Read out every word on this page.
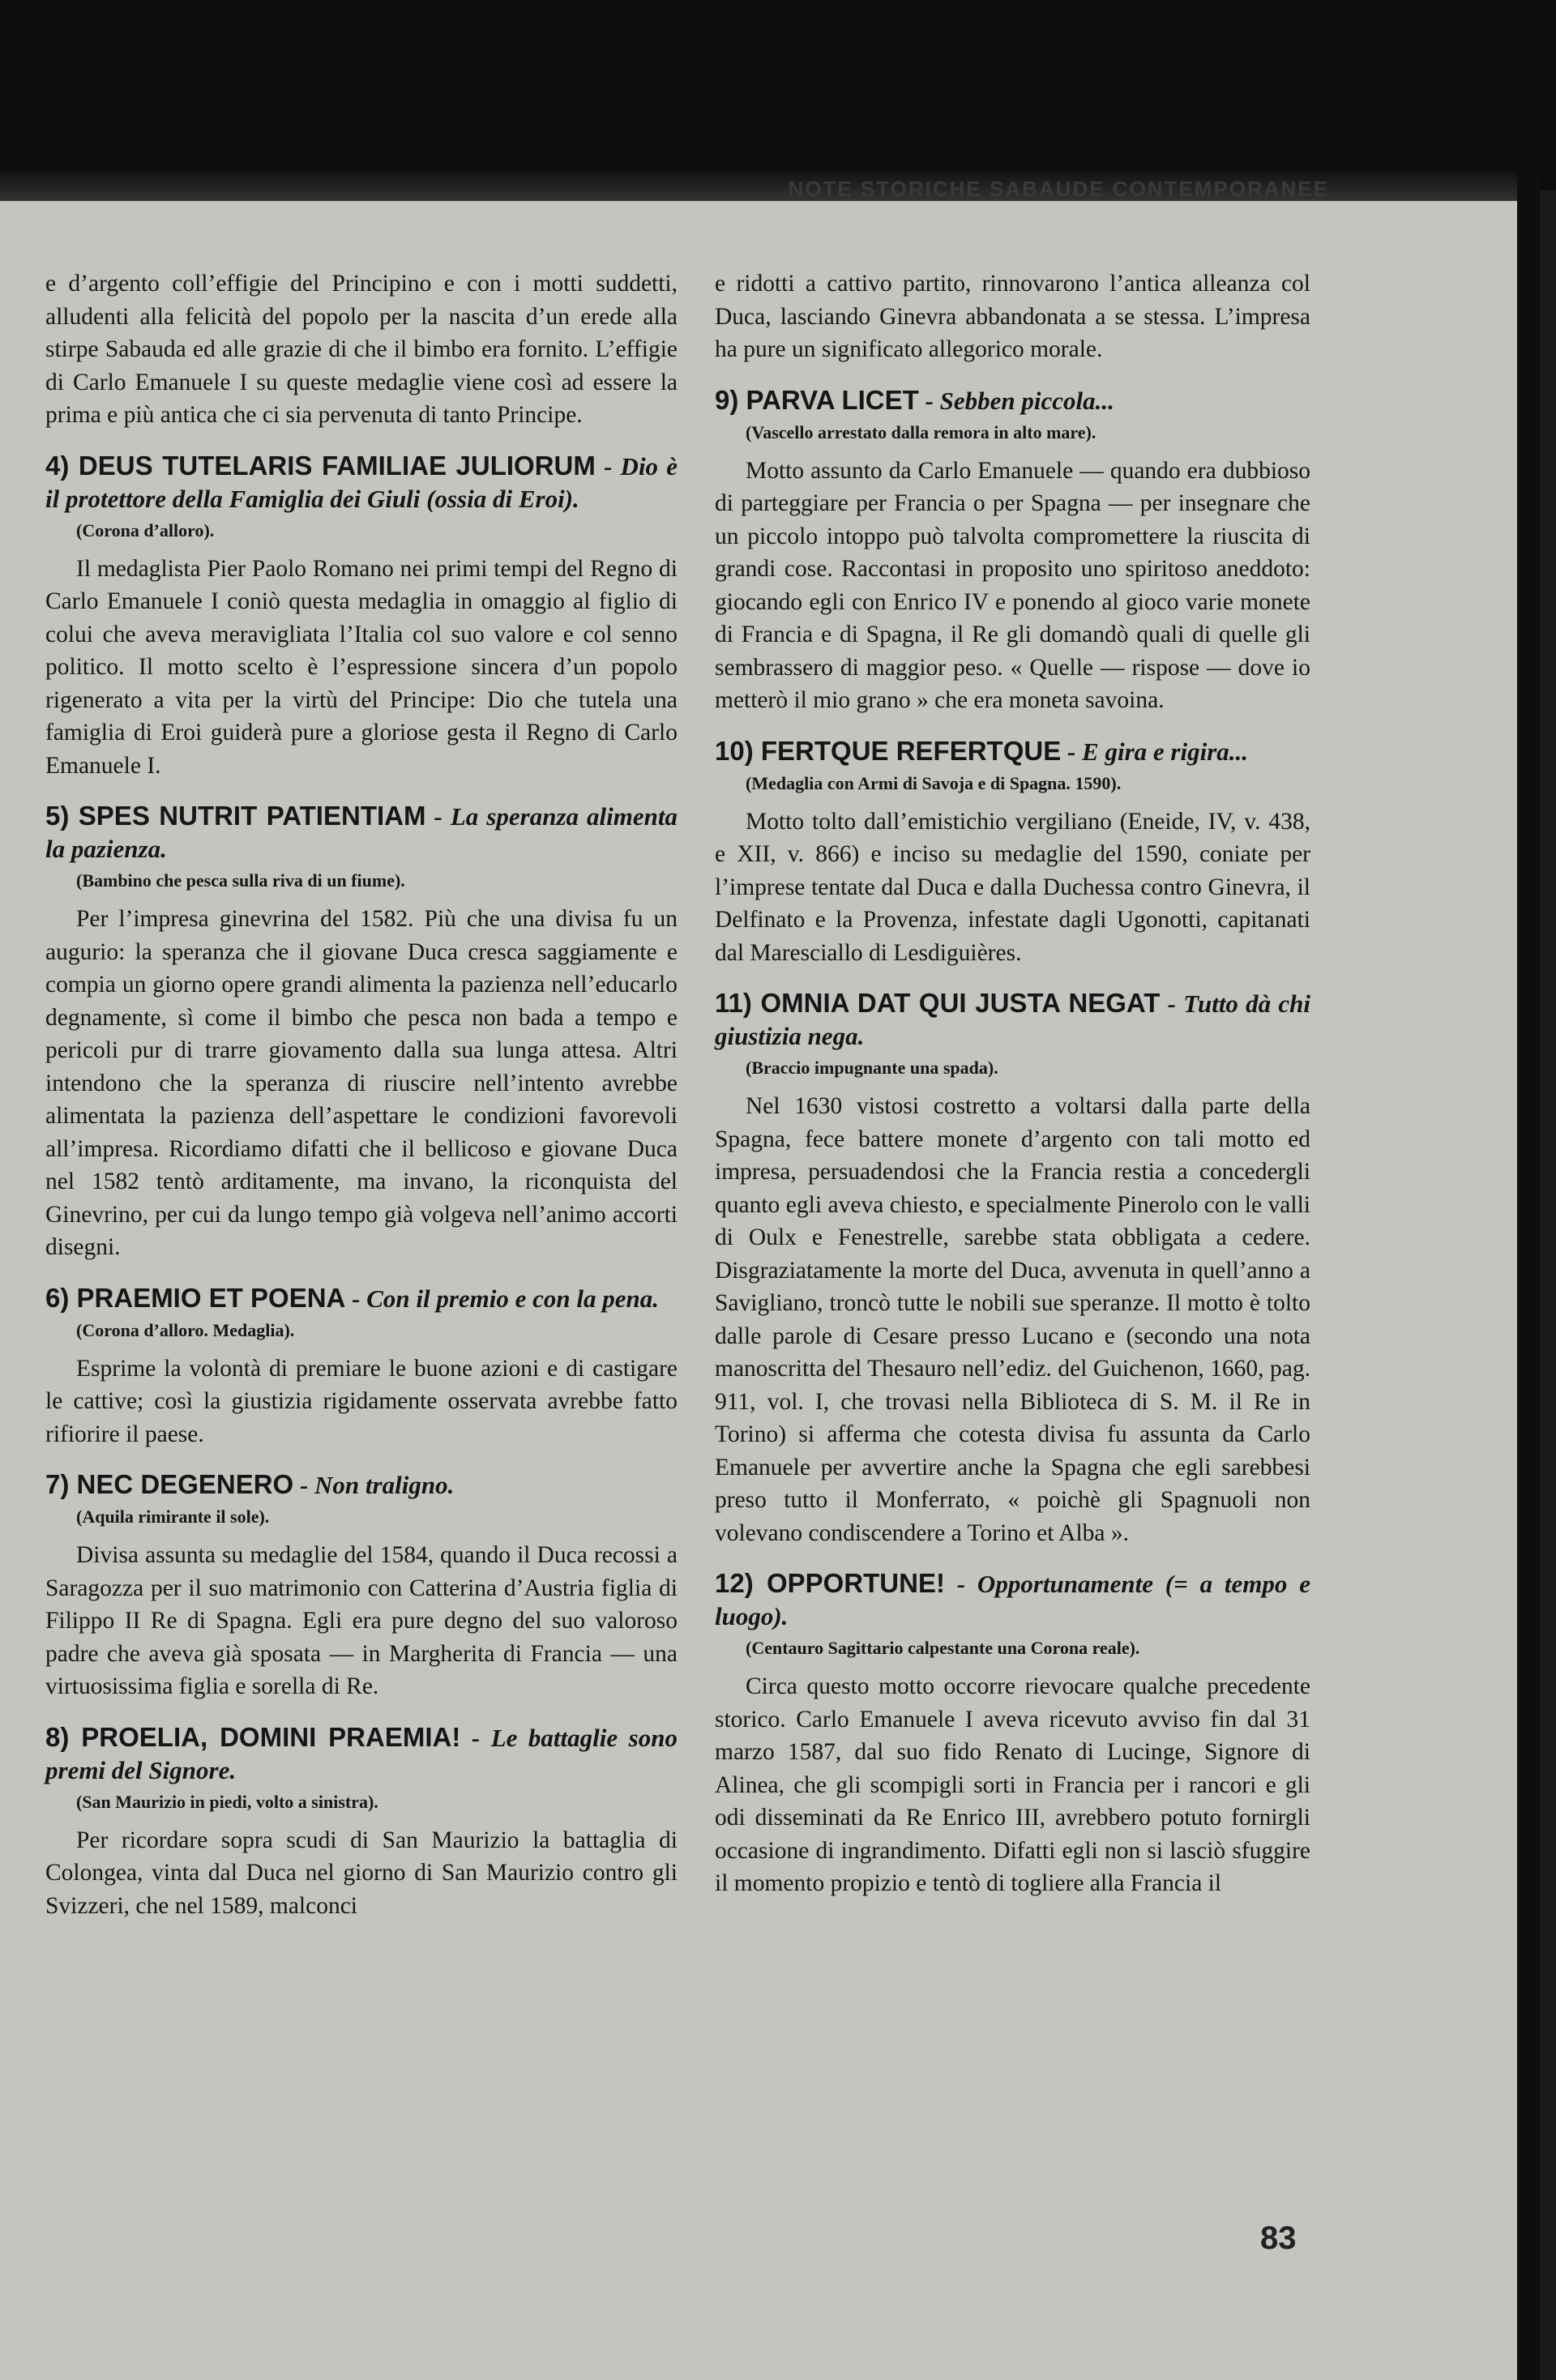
NOTE STORICHE SABAUDE CONTEMPORANEE

e d’argento coll’effigie del Principino e con i motti suddetti, alludenti alla felicità del popolo per la nascita d’un erede alla stirpe Sabauda ed alle grazie di che il bimbo era fornito. L’effigie di Carlo Emanuele I su queste medaglie viene così ad essere la prima e più antica che ci sia pervenuta di tanto Principe.

4) DEUS TUTELARIS FAMILIAE JULIORUM - Dio è il protettore della Famiglia dei Giuli (ossia di Eroi).
(Corona d’alloro).

Il medaglista Pier Paolo Romano nei primi tempi del Regno di Carlo Emanuele I coniò questa medaglia in omaggio al figlio di colui che aveva meravigliata l’Italia col suo valore e col senno politico. Il motto scelto è l’espressione sincera d’un popolo rigenerato a vita per la virtù del Principe: Dio che tutela una famiglia di Eroi guiderà pure a gloriose gesta il Regno di Carlo Emanuele I.

5) SPES NUTRIT PATIENTIAM - La speranza alimenta la pazienza.
(Bambino che pesca sulla riva di un fiume).

Per l’impresa ginevrina del 1582. Più che una divisa fu un augurio: la speranza che il giovane Duca cresca saggiamente e compia un giorno opere grandi alimenta la pazienza nell’educarlo degnamente, sì come il bimbo che pesca non bada a tempo e pericoli pur di trarre giovamento dalla sua lunga attesa. Altri intendono che la speranza di riuscire nell’intento avrebbe alimentata la pazienza dell’aspettare le condizioni favorevoli all’impresa. Ricordiamo difatti che il bellicoso e giovane Duca nel 1582 tentò arditamente, ma invano, la riconquista del Ginevrino, per cui da lungo tempo già volgeva nell’animo accorti disegni.

6) PRAEMIO ET POENA - Con il premio e con la pena.
(Corona d’alloro. Medaglia).

Esprime la volontà di premiare le buone azioni e di castigare le cattive; così la giustizia rigidamente osservata avrebbe fatto rifiorire il paese.

7) NEC DEGENERO - Non traligno.
(Aquila rimirante il sole).

Divisa assunta su medaglie del 1584, quando il Duca recossi a Saragozza per il suo matrimonio con Catterina d’Austria figlia di Filippo II Re di Spagna. Egli era pure degno del suo valoroso padre che aveva già sposata — in Margherita di Francia — una virtuosissima figlia e sorella di Re.

8) PROELIA, DOMINI PRAEMIA! - Le battaglie sono premi del Signore.
(San Maurizio in piedi, volto a sinistra).

Per ricordare sopra scudi di San Maurizio la battaglia di Colongea, vinta dal Duca nel giorno di San Maurizio contro gli Svizzeri, che nel 1589, malconci

e ridotti a cattivo partito, rinnovarono l’antica alleanza col Duca, lasciando Ginevra abbandonata a se stessa. L’impresa ha pure un significato allegorico morale.

9) PARVA LICET - Sebben piccola...
(Vascello arrestato dalla remora in alto mare).

Motto assunto da Carlo Emanuele — quando era dubbioso di parteggiare per Francia o per Spagna — per insegnare che un piccolo intoppo può talvolta compromettere la riuscita di grandi cose. Raccontasi in proposito uno spiritoso aneddoto: giocando egli con Enrico IV e ponendo al gioco varie monete di Francia e di Spagna, il Re gli domandò quali di quelle gli sembrassero di maggior peso. « Quelle — rispose — dove io metterò il mio grano » che era moneta savoina.

10) FERTQUE REFERTQUE - E gira e rigira...
(Medaglia con Armi di Savoja e di Spagna. 1590).

Motto tolto dall’emistichio vergiliano (Eneide, IV, v. 438, e XII, v. 866) e inciso su medaglie del 1590, coniate per l’imprese tentate dal Duca e dalla Duchessa contro Ginevra, il Delfinato e la Provenza, infestate dagli Ugonotti, capitanati dal Maresciallo di Lesdiguières.

11) OMNIA DAT QUI JUSTA NEGAT - Tutto dà chi giustizia nega.
(Braccio impugnante una spada).

Nel 1630 vistosi costretto a voltarsi dalla parte della Spagna, fece battere monete d’argento con tali motto ed impresa, persuadendosi che la Francia restia a concedergli quanto egli aveva chiesto, e specialmente Pinerolo con le valli di Oulx e Fenestrelle, sarebbe stata obbligata a cedere. Disgraziatamente la morte del Duca, avvenuta in quell’anno a Savigliano, troncò tutte le nobili sue speranze. Il motto è tolto dalle parole di Cesare presso Lucano e (secondo una nota manoscritta del Thesauro nell’ediz. del Guichenon, 1660, pag. 911, vol. I, che trovasi nella Biblioteca di S. M. il Re in Torino) si afferma che cotesta divisa fu assunta da Carlo Emanuele per avvertire anche la Spagna che egli sarebbesi preso tutto il Monferrato, « poichè gli Spagnuoli non volevano condiscendere a Torino et Alba ».

12) OPPORTUNE! - Opportunamente (= a tempo e luogo).
(Centauro Sagittario calpestante una Corona reale).

Circa questo motto occorre rievocare qualche precedente storico. Carlo Emanuele I aveva ricevuto avviso fin dal 31 marzo 1587, dal suo fido Renato di Lucinge, Signore di Alinea, che gli scompigli sorti in Francia per i rancori e gli odi disseminati da Re Enrico III, avrebbero potuto fornirgli occasione di ingrandimento. Difatti egli non si lasciò sfuggire il momento propizio e tentò di togliere alla Francia il

83
